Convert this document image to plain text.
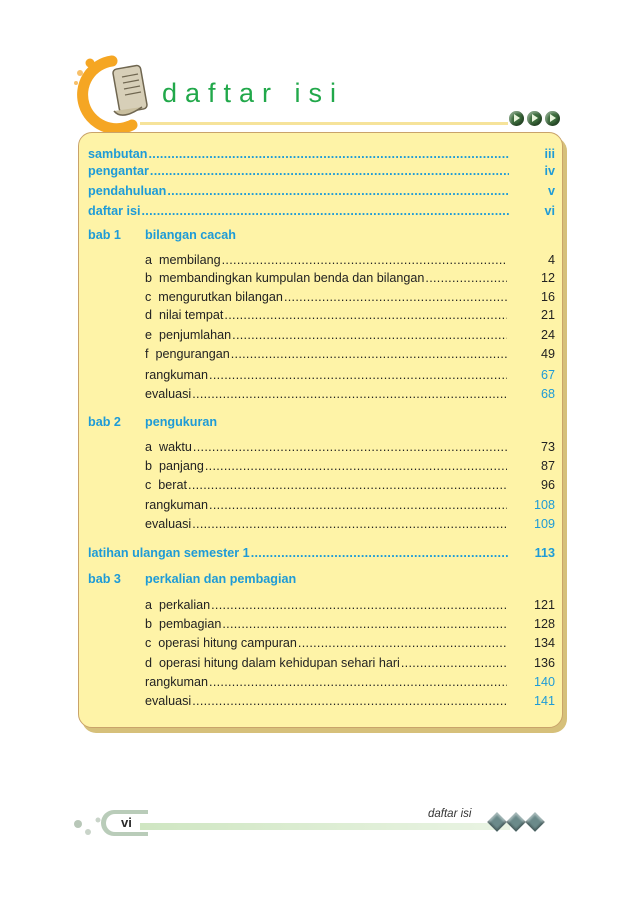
daftar isi
sambutan . . .	iii
pengantar . . .	iv
pendahuluan . . .	v
daftar isi . . .	vi
bab 1 bilangan cacah
a membilang . . .	4
b membandingkan kumpulan benda dan bilangan . . .	12
c mengurutkan bilangan . . .	16
d nilai tempat . . .	21
e penjumlahan . . .	24
f pengurangan . . .	49
rangkuman . . .	67
evaluasi . . .	68
bab 2 pengukuran
a waktu . . .	73
b panjang . . .	87
c berat . . .	96
rangkuman . . .	108
evaluasi . . .	109
latihan ulangan semester 1 . . .	113
bab 3 perkalian dan pembagian
a perkalian . . .	121
b pembagian . . .	128
c operasi hitung campuran . . .	134
d operasi hitung dalam kehidupan sehari hari . . .	136
rangkuman . . .	140
evaluasi . . .	141
vi
daftar isi
